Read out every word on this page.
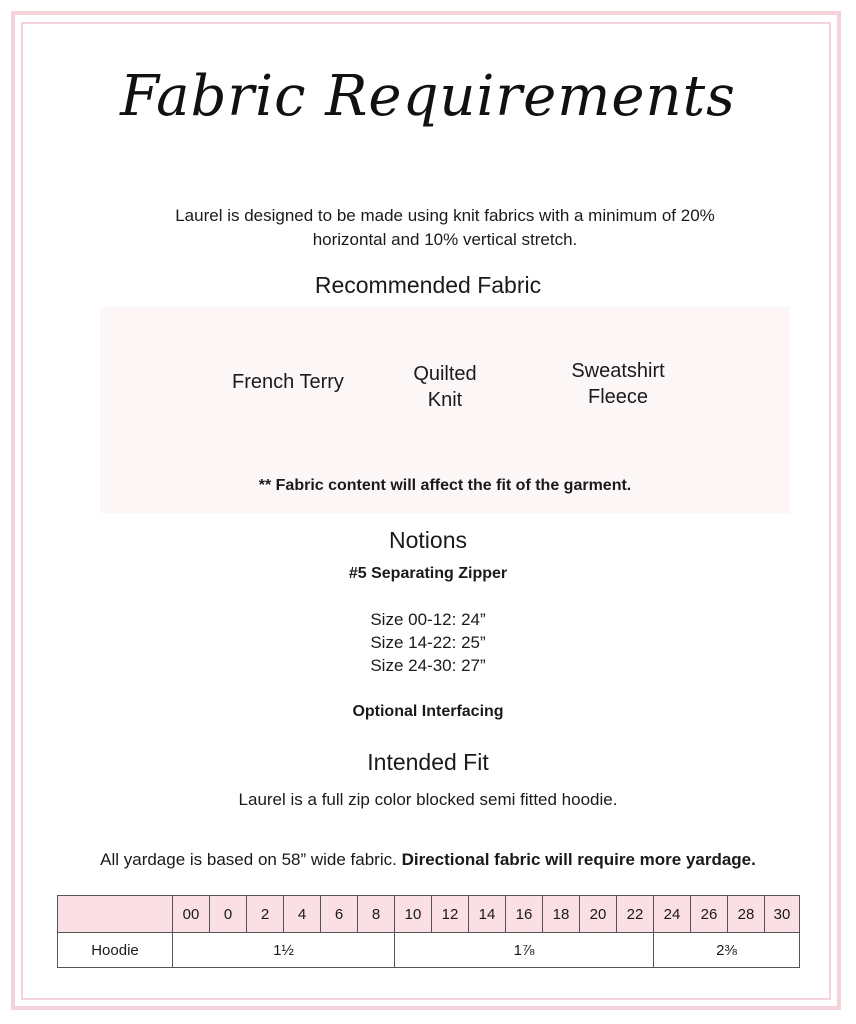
Fabric Requirements
Laurel is designed to be made using knit fabrics with a minimum of 20% horizontal and 10% vertical stretch.
Recommended Fabric
French Terry	Quilted
Knit
Sweatshirt
Fleece
** Fabric content will affect the fit of the garment.
Notions
#5 Separating Zipper
Size 00-12: 24”
Size 14-22: 25”
Size 24-30: 27”
Optional Interfacing
Intended Fit
Laurel is a full zip color blocked semi fitted hoodie.
All yardage is based on 58” wide fabric. Directional fabric will require more yardage.
	00	0	2	4	6	8	10	12	14	16	18	20	22	24	26	28	30
Hoodie	1½						1⅞							2⅜			
